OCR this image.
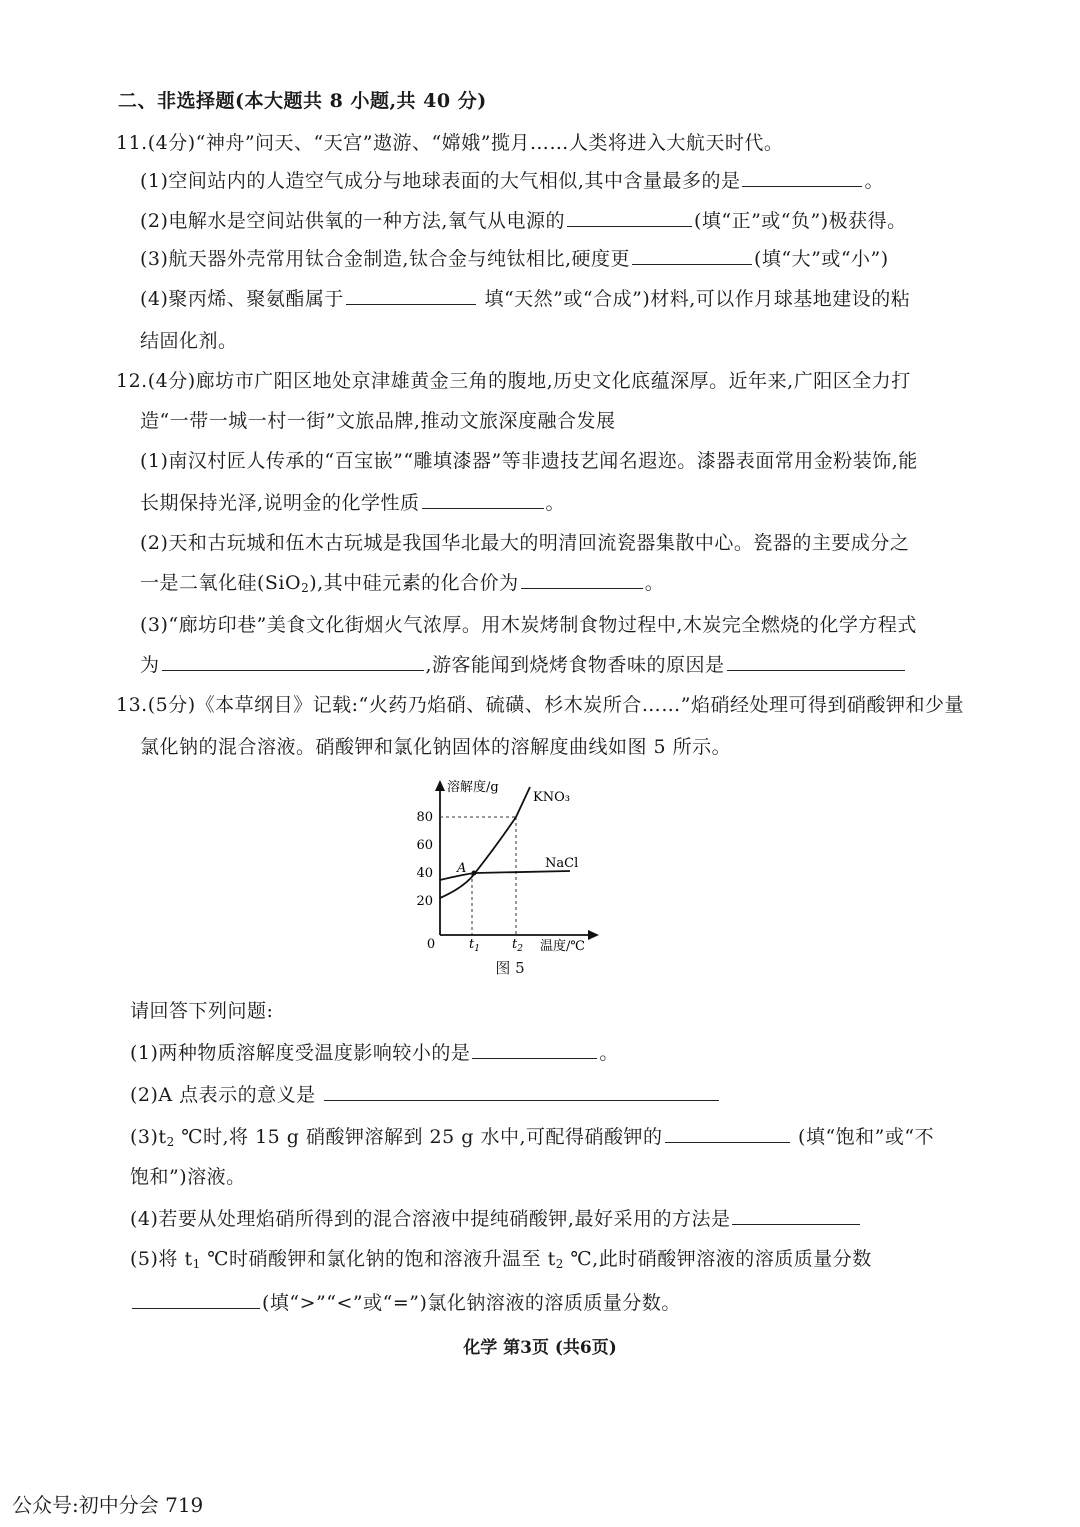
二、非选择题(本大题共 8 小题,共 40 分)
11.(4分)“神舟”问天、“天宫”遨游、“嫦娥”揽月……人类将进入大航天时代。
(1)空间站内的人造空气成分与地球表面的大气相似,其中含量最多的是	。
(2)电解水是空间站供氧的一种方法,氧气从电源的	(填“正”或“负”)极获得。
(3)航天器外壳常用钛合金制造,钛合金与纯钛相比,硬度更	(填“大”或“小”)
(4)聚丙烯、聚氨酯属于	填“天然”或“合成”)材料,可以作月球基地建设的粘
结固化剂。
12.(4分)廊坊市广阳区地处京津雄黄金三角的腹地,历史文化底蕴深厚。近年来,广阳区全力打
造“一带一城一村一街”文旅品牌,推动文旅深度融合发展
(1)南汉村匠人传承的“百宝嵌”“雕填漆器”等非遗技艺闻名遐迩。漆器表面常用金粉装饰,能
长期保持光泽,说明金的化学性质	。
(2)天和古玩城和伍木古玩城是我国华北最大的明清回流瓷器集散中心。瓷器的主要成分之
一是二氧化硅(SiO$_2$),其中硅元素的化合价为	。
(3)“廊坊印巷”美食文化街烟火气浓厚。用木炭烤制食物过程中,木炭完全燃烧的化学方程式
为	,游客能闻到烧烤食物香味的原因是
13.(5分)《本草纲目》记载:“火药乃焰硝、硫磺、杉木炭所合……”焰硝经处理可得到硝酸钾和少量
氯化钠的混合溶液。硝酸钾和氯化钠固体的溶解度曲线如图 5 所示。
80
60
40
20
0	$t_1$ $t_2$
溶解度/g
温度/℃
KNO₃
NaCl
A
图 5
请回答下列问题:
(1)两种物质溶解度受温度影响较小的是	。
(2)A 点表示的意义是
$(3)t_2$ ℃时,将 15 g 硝酸钾溶解到 25 g 水中,可配得硝酸钾的	(填“饱和”或“不
饱和”)溶液。
(4)若要从处理焰硝所得到的混合溶液中提纯硝酸钾,最好采用的方法是
(5)将 $t_1$ ℃时硝酸钾和氯化钠的饱和溶液升温至 $t_2$ ℃,此时硝酸钾溶液的溶质质量分数
(填“>”“<”或“=”)氯化钠溶液的溶质质量分数。
化学 第3页 (共6页)
公众号:初中分会 719
